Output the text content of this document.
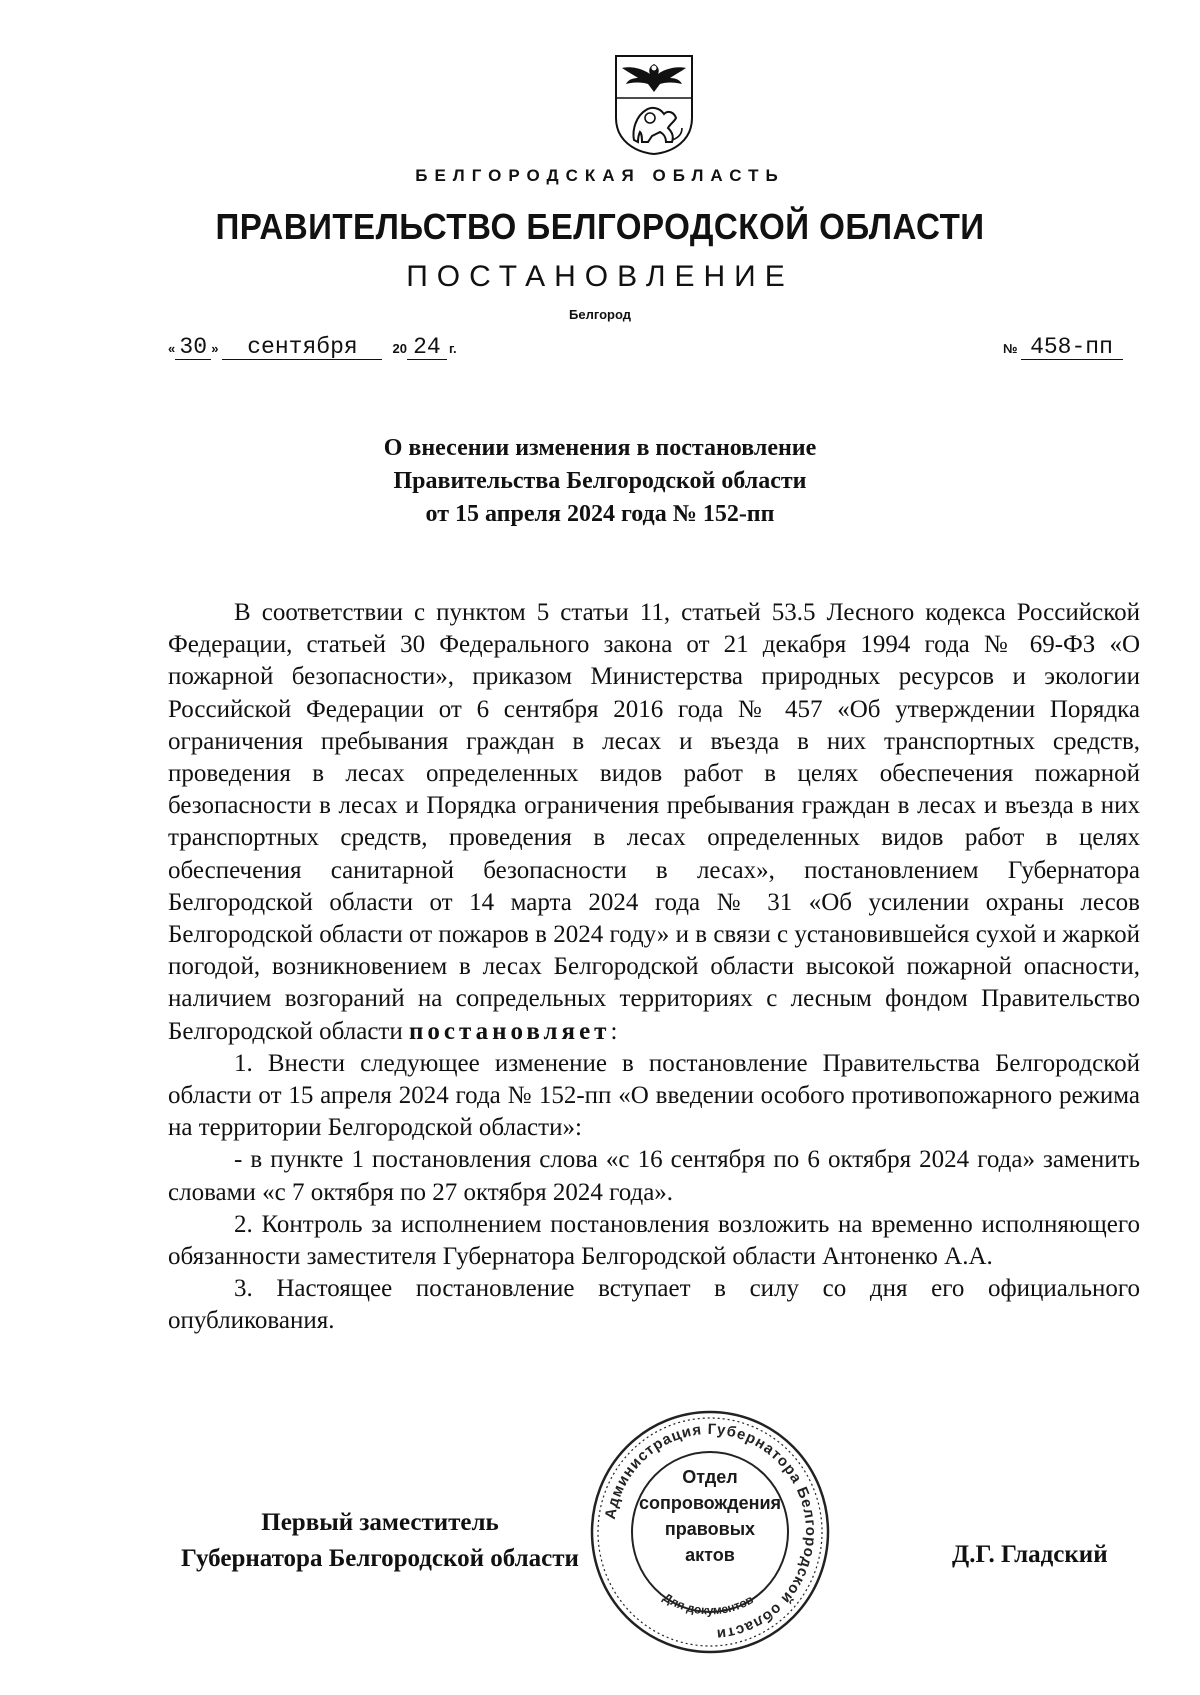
БЕЛГОРОДСКАЯ ОБЛАСТЬ
ПРАВИТЕЛЬСТВО БЕЛГОРОДСКОЙ ОБЛАСТИ
ПОСТАНОВЛЕНИЕ
Белгород
« 30 » сентября	20 24 г.	№ 458-пп
О внесении изменения в постановление
Правительства Белгородской области
от 15 апреля 2024 года № 152-пп

В соответствии с пунктом 5 статьи 11, статьей 53.5 Лесного кодекса Российской Федерации, статьей 30 Федерального закона от 21 декабря 1994 года № 69-ФЗ «О пожарной безопасности», приказом Министерства природных ресурсов и экологии Российской Федерации от 6 сентября 2016 года № 457 «Об утверждении Порядка ограничения пребывания граждан в лесах и въезда в них транспортных средств, проведения в лесах определенных видов работ в целях обеспечения пожарной безопасности в лесах и Порядка ограничения пребывания граждан в лесах и въезда в них транспортных средств, проведения в лесах определенных видов работ в целях обеспечения санитарной безопасности в лесах», постановлением Губернатора Белгородской области от 14 марта 2024 года № 31 «Об усилении охраны лесов Белгородской области от пожаров в 2024 году» и в связи с установившейся сухой и жаркой погодой, возникновением в лесах Белгородской области высокой пожарной опасности, наличием возгораний на сопредельных территориях с лесным фондом Правительство Белгородской области постановляет:

1. Внести следующее изменение в постановление Правительства Белгородской области от 15 апреля 2024 года № 152-пп «О введении особого противопожарного режима на территории Белгородской области»:

- в пункте 1 постановления слова «с 16 сентября по 6 октября 2024 года» заменить словами «с 7 октября по 27 октября 2024 года».

2. Контроль за исполнением постановления возложить на временно исполняющего обязанности заместителя Губернатора Белгородской области Антоненко А.А.

3. Настоящее постановление вступает в силу со дня его официального опубликования.

Первый заместитель
Губернатора Белгородской области	Д.Г. Гладский
Администрация Губернатора Белгородской области
Для документов
Отдел
сопровождения
правовых
актов
